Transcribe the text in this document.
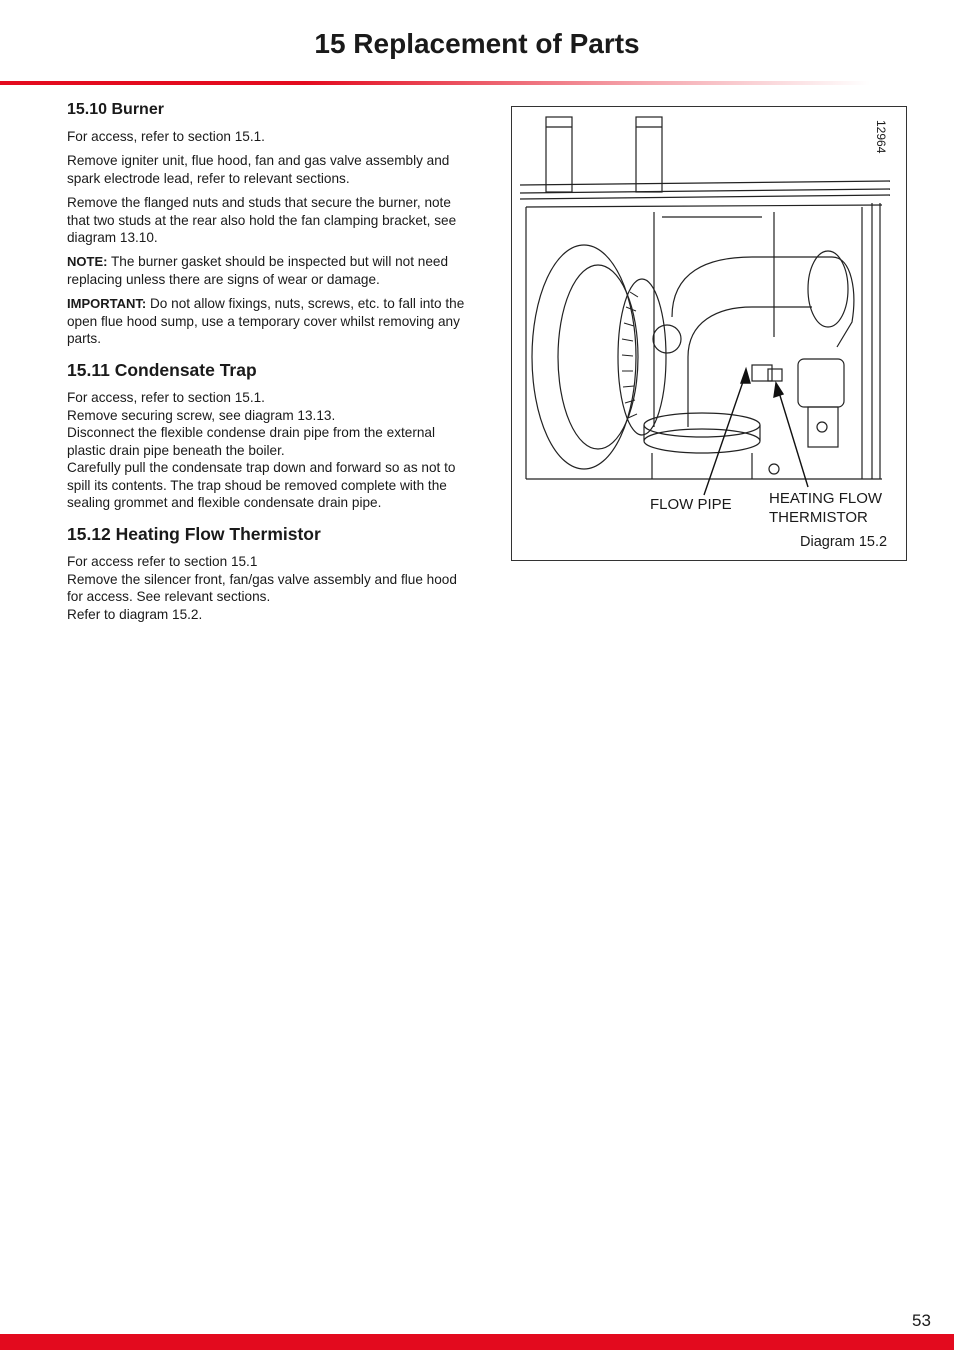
15 Replacement of Parts
15.10 Burner

For access, refer to section 15.1.

Remove igniter unit, flue hood, fan and gas valve assembly and spark electrode lead, refer to relevant sections.

Remove the flanged nuts and studs that secure the burner, note that two studs at the rear also hold the fan clamping bracket, see diagram 13.10.

NOTE: The burner gasket should be inspected but will not need replacing unless there are signs of wear or damage.

IMPORTANT: Do not allow fixings, nuts, screws, etc. to fall into the open flue hood sump, use a temporary cover whilst removing any parts.

15.11 Condensate Trap

For access, refer to section 15.1.

Remove securing screw, see diagram 13.13.

Disconnect the flexible condense drain pipe from the external plastic drain pipe beneath the boiler.

Carefully pull the condensate trap down and forward so as not to spill its contents. The trap shoud be removed complete with the sealing grommet and flexible condensate drain pipe.

15.12 Heating Flow Thermistor

For access refer to section 15.1

Remove the silencer front, fan/gas valve assembly and flue hood for access. See relevant sections.

Refer to diagram 15.2.

12964
FLOW PIPE HEATING FLOW
THERMISTOR
Diagram 15.2
53
